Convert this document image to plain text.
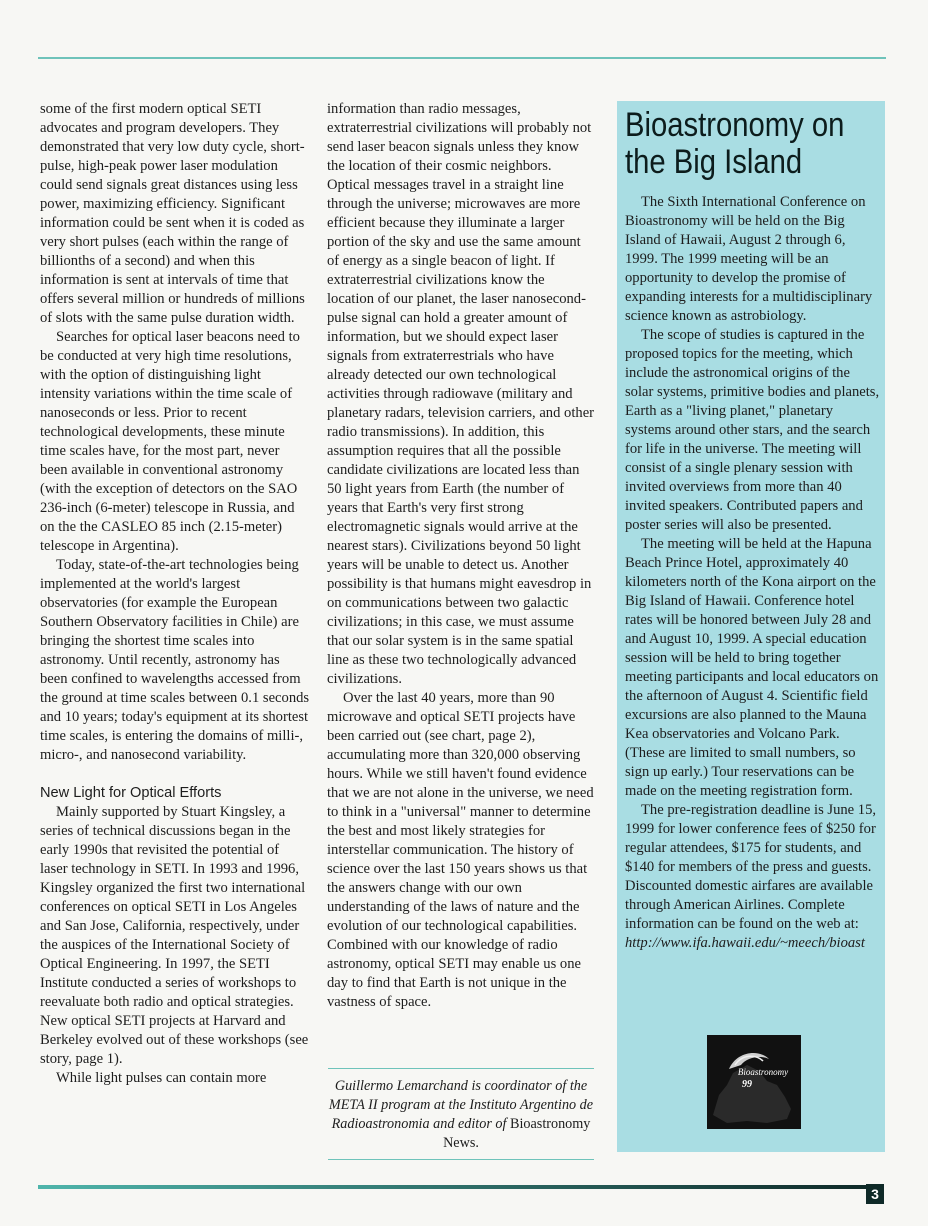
some of the first modern optical SETI advocates and program developers. They demonstrated that very low duty cycle, short-pulse, high-peak power laser modulation could send signals great distances using less power, maximizing efficiency. Significant information could be sent when it is coded as very short pulses (each within the range of billionths of a second) and when this information is sent at intervals of time that offers several million or hundreds of millions of slots with the same pulse duration width.

Searches for optical laser beacons need to be conducted at very high time resolutions, with the option of distinguishing light intensity variations within the time scale of nanoseconds or less. Prior to recent technological developments, these minute time scales have, for the most part, never been available in conventional astronomy (with the exception of detectors on the SAO 236-inch (6-meter) telescope in Russia, and on the the CASLEO 85 inch (2.15-meter) telescope in Argentina).

Today, state-of-the-art technologies being implemented at the world's largest observatories (for example the European Southern Observatory facilities in Chile) are bringing the shortest time scales into astronomy. Until recently, astronomy has been confined to wavelengths accessed from the ground at time scales between 0.1 seconds and 10 years; today's equipment at its shortest time scales, is entering the domains of milli-, micro-, and nanosecond variability.

New Light for Optical Efforts

Mainly supported by Stuart Kingsley, a series of technical discussions began in the early 1990s that revisited the potential of laser technology in SETI. In 1993 and 1996, Kingsley organized the first two international conferences on optical SETI in Los Angeles and San Jose, California, respectively, under the auspices of the International Society of Optical Engineering. In 1997, the SETI Institute conducted a series of workshops to reevaluate both radio and optical strategies. New optical SETI projects at Harvard and Berkeley evolved out of these workshops (see story, page 1).

While light pulses can contain more

information than radio messages, extraterrestrial civilizations will probably not send laser beacon signals unless they know the location of their cosmic neighbors. Optical messages travel in a straight line through the universe; microwaves are more efficient because they illuminate a larger portion of the sky and use the same amount of energy as a single beacon of light. If extraterrestrial civilizations know the location of our planet, the laser nanosecond-pulse signal can hold a greater amount of information, but we should expect laser signals from extraterrestrials who have already detected our own technological activities through radiowave (military and planetary radars, television carriers, and other radio transmissions). In addition, this assumption requires that all the possible candidate civilizations are located less than 50 light years from Earth (the number of years that Earth's very first strong electromagnetic signals would arrive at the nearest stars). Civilizations beyond 50 light years will be unable to detect us. Another possibility is that humans might eavesdrop in on communications between two galactic civilizations; in this case, we must assume that our solar system is in the same spatial line as these two technologically advanced civilizations.

Over the last 40 years, more than 90 microwave and optical SETI projects have been carried out (see chart, page 2), accumulating more than 320,000 observing hours. While we still haven't found evidence that we are not alone in the universe, we need to think in a "universal" manner to determine the best and most likely strategies for interstellar communication. The history of science over the last 150 years shows us that the answers change with our own understanding of the laws of nature and the evolution of our technological capabilities. Combined with our knowledge of radio astronomy, optical SETI may enable us one day to find that Earth is not unique in the vastness of space.

Guillermo Lemarchand is coordinator of the META II program at the Instituto Argentino de Radioastronomia and editor of Bioastronomy News.
Bioastronomy on the Big Island

The Sixth International Conference on Bioastronomy will be held on the Big Island of Hawaii, August 2 through 6, 1999. The 1999 meeting will be an opportunity to develop the promise of expanding interests for a multidisciplinary science known as astrobiology.

The scope of studies is captured in the proposed topics for the meeting, which include the astronomical origins of the solar systems, primitive bodies and planets, Earth as a "living planet," planetary systems around other stars, and the search for life in the universe. The meeting will consist of a single plenary session with invited overviews from more than 40 invited speakers. Contributed papers and poster series will also be presented.

The meeting will be held at the Hapuna Beach Prince Hotel, approximately 40 kilometers north of the Kona airport on the Big Island of Hawaii. Conference hotel rates will be honored between July 28 and and August 10, 1999. A special education session will be held to bring together meeting participants and local educators on the afternoon of August 4. Scientific field excursions are also planned to the Mauna Kea observatories and Volcano Park. (These are limited to small numbers, so sign up early.) Tour reservations can be made on the meeting registration form.

The pre-registration deadline is June 15, 1999 for lower conference fees of $250 for regular attendees, $175 for students, and $140 for members of the press and guests. Discounted domestic airfares are available through American Airlines. Complete information can be found on the web at:

http://www.ifa.hawaii.edu/~meech/bioast

Bioastronomy
99
3
